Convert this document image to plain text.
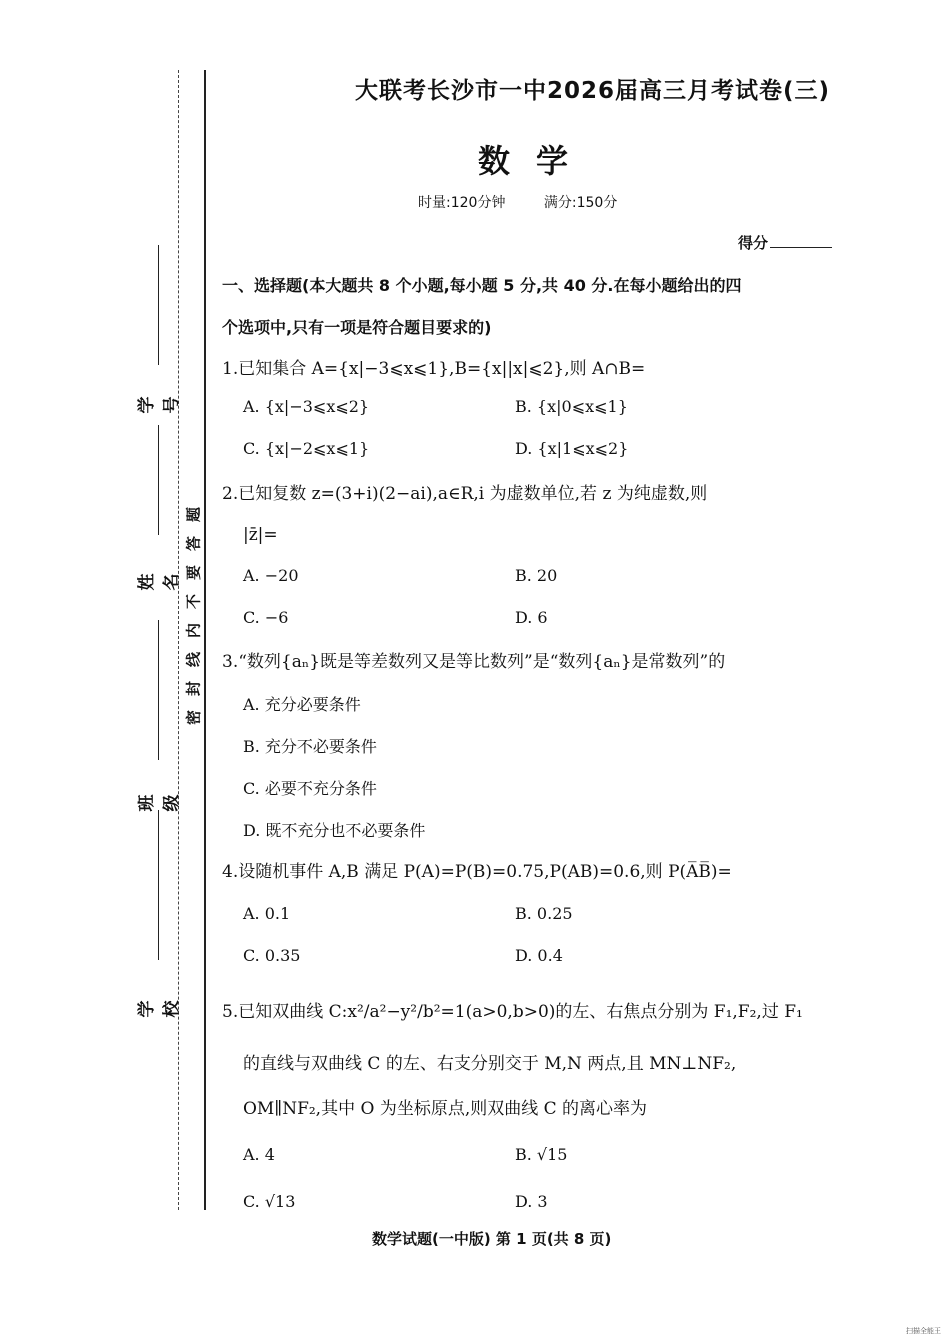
学 号
姓 名
班 级
学 校
题
答
要
不
内
线
封
密
大联考长沙市一中2026届高三月考试卷(三)
数学
时量:120分钟	满分:150分
得分
一、选择题(本大题共 8 个小题,每小题 5 分,共 40 分.在每小题给出的四
个选项中,只有一项是符合题目要求的)
1.已知集合 A={x|−3⩽x⩽1},B={x||x|⩽2},则 A∩B=
A. {x|−3⩽x⩽2}	B. {x|0⩽x⩽1}
C. {x|−2⩽x⩽1}	D. {x|1⩽x⩽2}
2.已知复数 z=(3+i)(2−ai),a∈R,i 为虚数单位,若 z 为纯虚数,则
|z̄|=
A. −20	B. 20
C. −6	D. 6
3.“数列{aₙ}既是等差数列又是等比数列”是“数列{aₙ}是常数列”的
A. 充分必要条件
B. 充分不必要条件
C. 必要不充分条件
D. 既不充分也不必要条件
4.设随机事件 A,B 满足 P(A)=P(B)=0.75,P(AB)=0.6,则 P(A̅B̅)=
A. 0.1	B. 0.25
C. 0.35	D. 0.4
5.已知双曲线 C:x²/a²−y²/b²=1(a>0,b>0)的左、右焦点分别为 F₁,F₂,过 F₁
的直线与双曲线 C 的左、右支分别交于 M,N 两点,且 MN⊥NF₂,
OM∥NF₂,其中 O 为坐标原点,则双曲线 C 的离心率为
A. 4	B. √15
C. √13	D. 3
数学试题(一中版) 第 1 页(共 8 页)
扫描全能王
